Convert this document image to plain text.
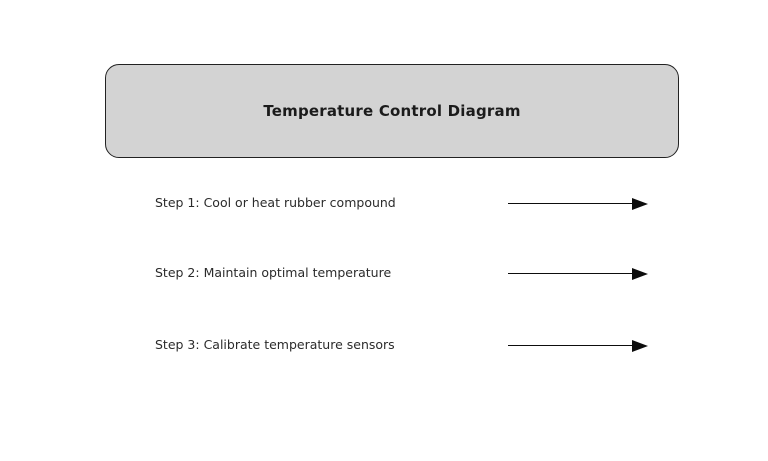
Temperature Control Diagram
Step 1: Cool or heat rubber compound
Step 2: Maintain optimal temperature
Step 3: Calibrate temperature sensors
